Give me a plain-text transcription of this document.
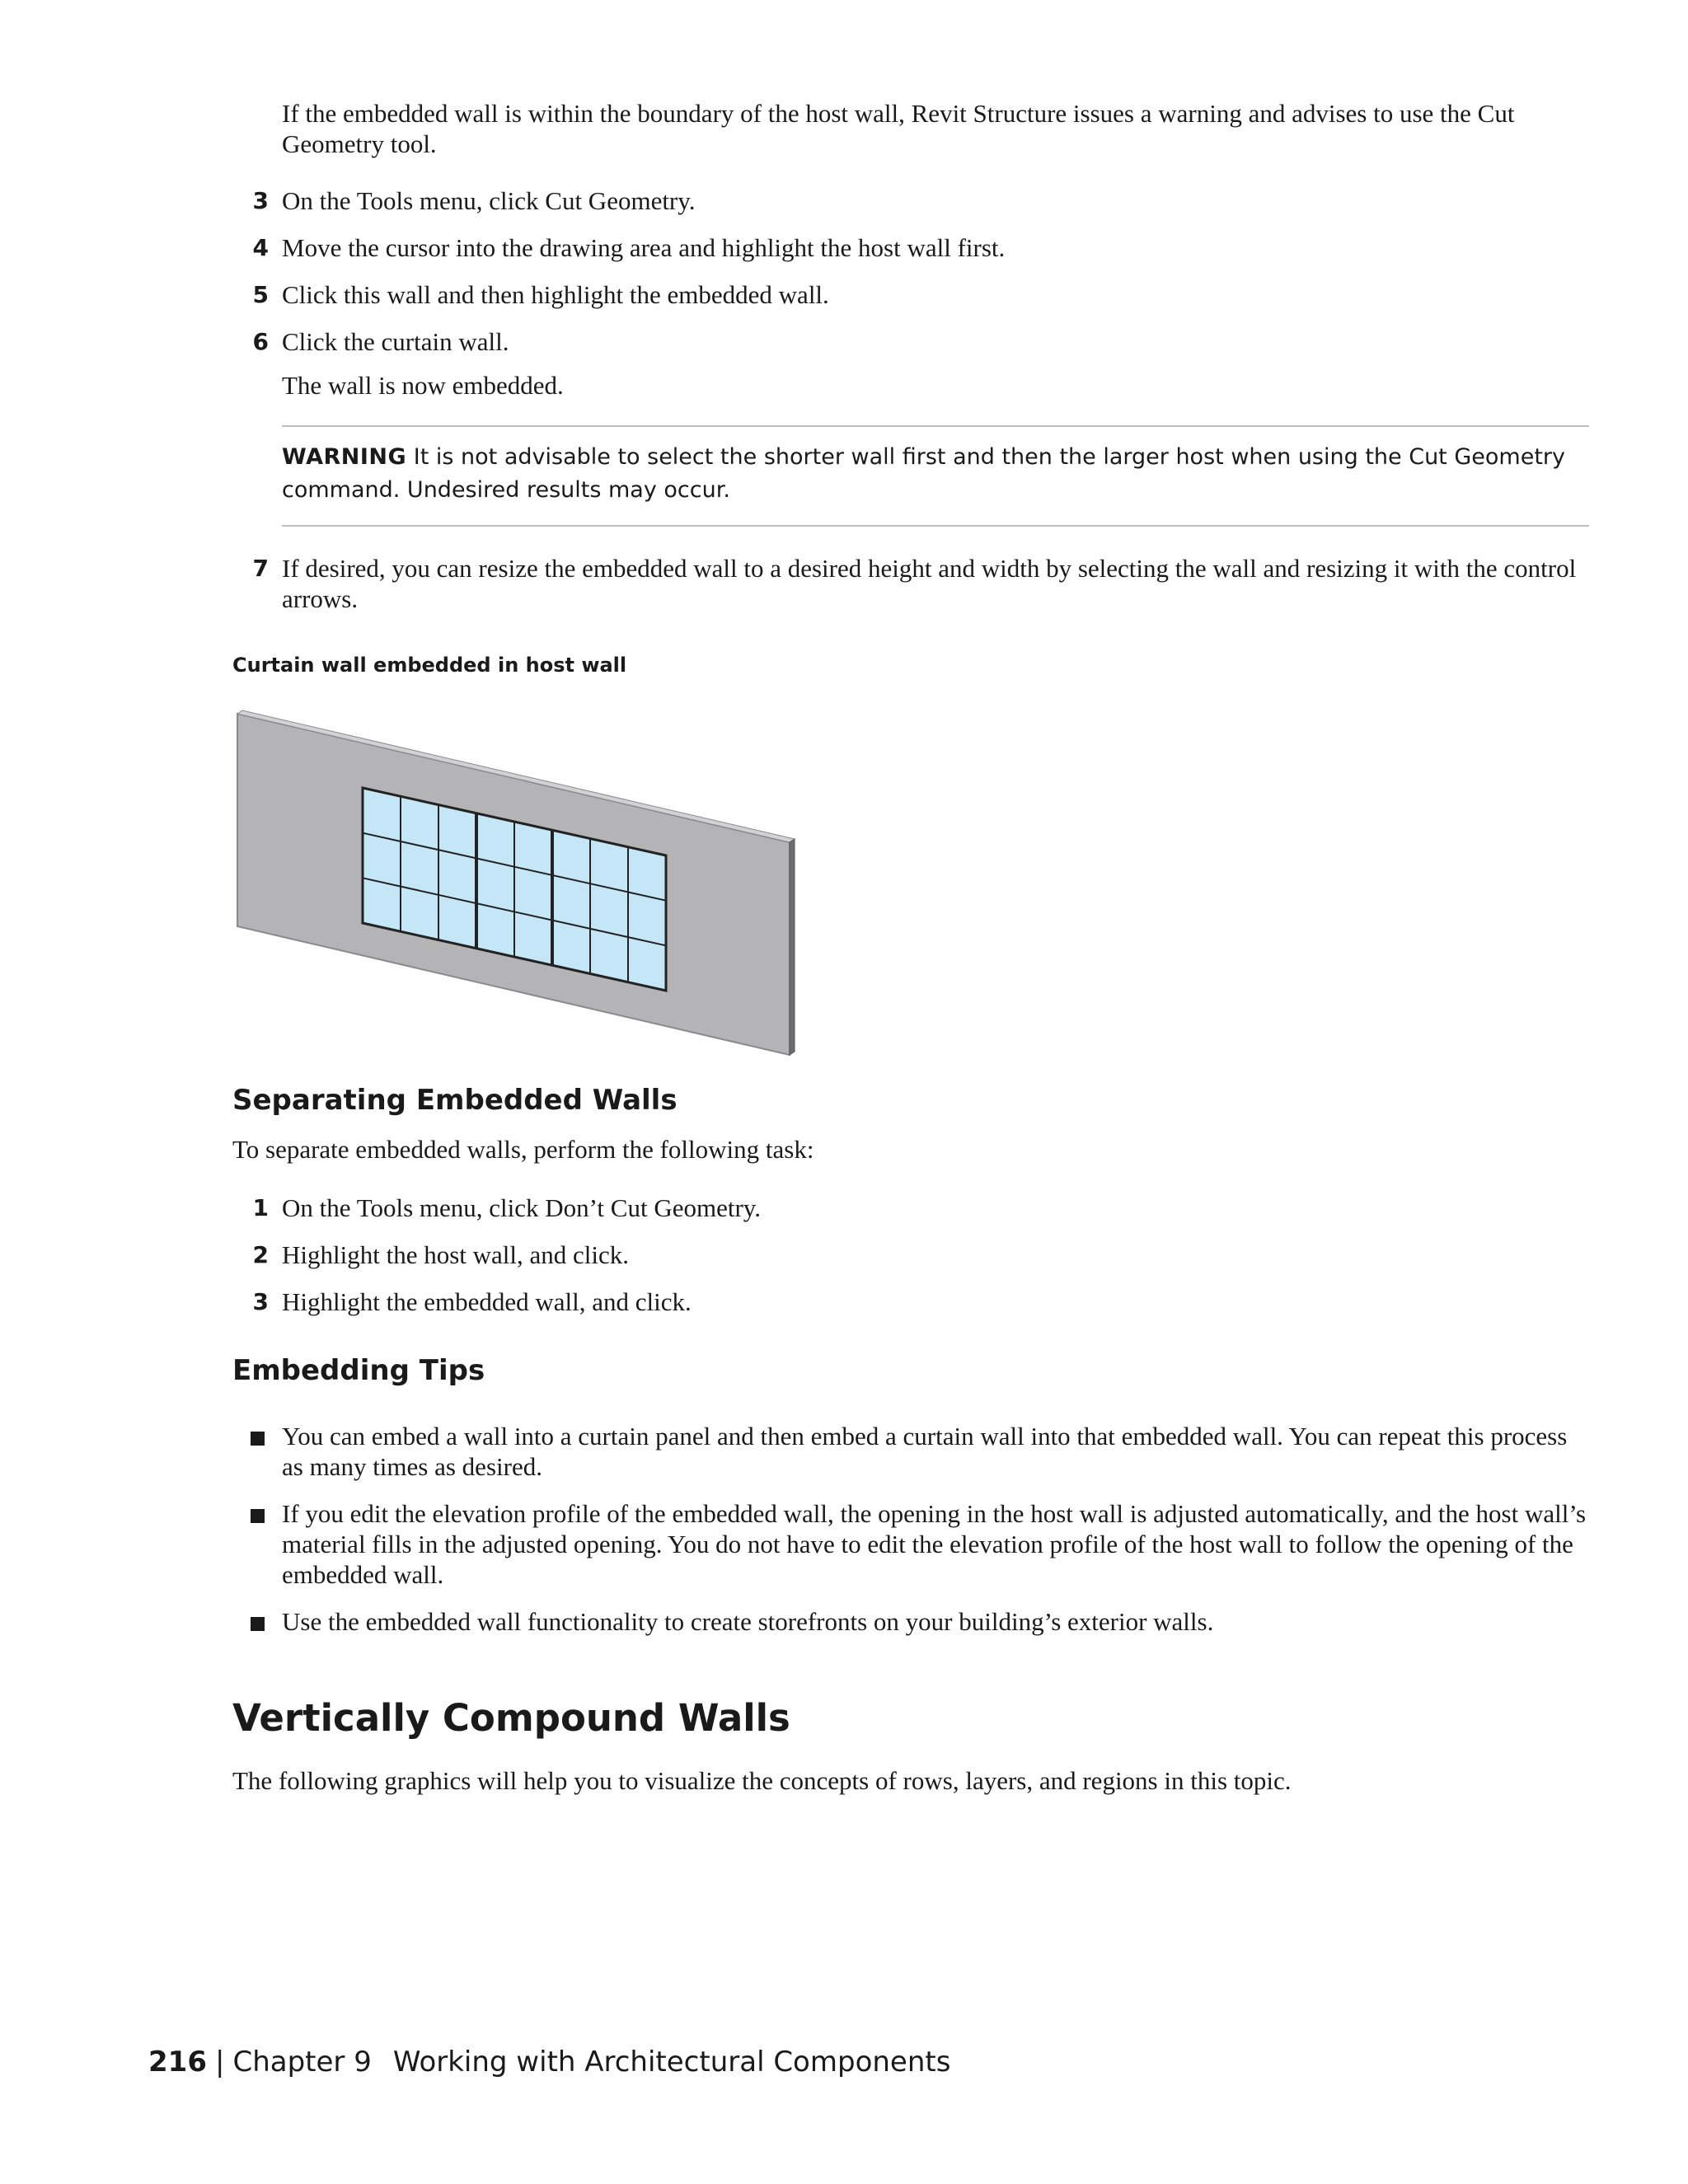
If the embedded wall is within the boundary of the host wall, Revit Structure issues a warning and advises to use the Cut Geometry tool.
3 On the Tools menu, click Cut Geometry.
4 Move the cursor into the drawing area and highlight the host wall first.
5 Click this wall and then highlight the embedded wall.
6 Click the curtain wall.
The wall is now embedded.
WARNING It is not advisable to select the shorter wall first and then the larger host when using the Cut Geometry command. Undesired results may occur.
7 If desired, you can resize the embedded wall to a desired height and width by selecting the wall and resizing it with the control arrows.
Curtain wall embedded in host wall
Separating Embedded Walls
To separate embedded walls, perform the following task:
1 On the Tools menu, click Don’t Cut Geometry.
2 Highlight the host wall, and click.
3 Highlight the embedded wall, and click.
Embedding Tips
You can embed a wall into a curtain panel and then embed a curtain wall into that embedded wall. You can repeat this process as many times as desired.
If you edit the elevation profile of the embedded wall, the opening in the host wall is adjusted automatically, and the host wall’s material fills in the adjusted opening. You do not have to edit the elevation profile of the host wall to follow the opening of the embedded wall.
Use the embedded wall functionality to create storefronts on your building’s exterior walls.
Vertically Compound Walls
The following graphics will help you to visualize the concepts of rows, layers, and regions in this topic.
216 | Chapter 9 Working with Architectural Components
